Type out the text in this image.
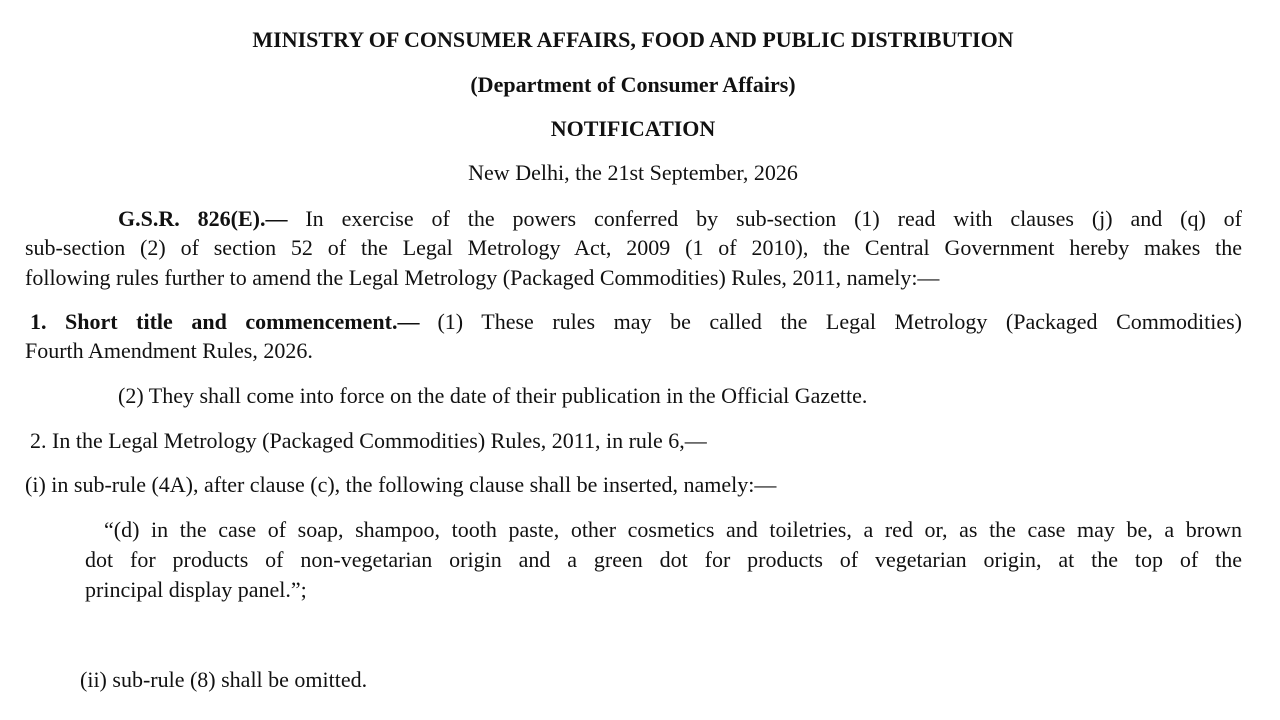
MINISTRY OF CONSUMER AFFAIRS, FOOD AND PUBLIC DISTRIBUTION
(Department of Consumer Affairs)
NOTIFICATION
New Delhi, the 21st September, 2026
G.S.R. 826(E).— In exercise of the powers conferred by sub-section (1) read with clauses (j) and (q) of
sub-section (2) of section 52 of the Legal Metrology Act, 2009 (1 of 2010), the Central Government hereby makes the
following rules further to amend the Legal Metrology (Packaged Commodities) Rules, 2011, namely:—
1. Short title and commencement.— (1) These rules may be called the Legal Metrology (Packaged Commodities)
Fourth Amendment Rules, 2026.
(2) They shall come into force on the date of their publication in the Official Gazette.
2. In the Legal Metrology (Packaged Commodities) Rules, 2011, in rule 6,—
(i) in sub-rule (4A), after clause (c), the following clause shall be inserted, namely:—
“(d) in the case of soap, shampoo, tooth paste, other cosmetics and toiletries, a red or, as the case may be, a brown
dot for products of non-vegetarian origin and a green dot for products of vegetarian origin, at the top of the
principal display panel.”;
(ii) sub-rule (8) shall be omitted.
